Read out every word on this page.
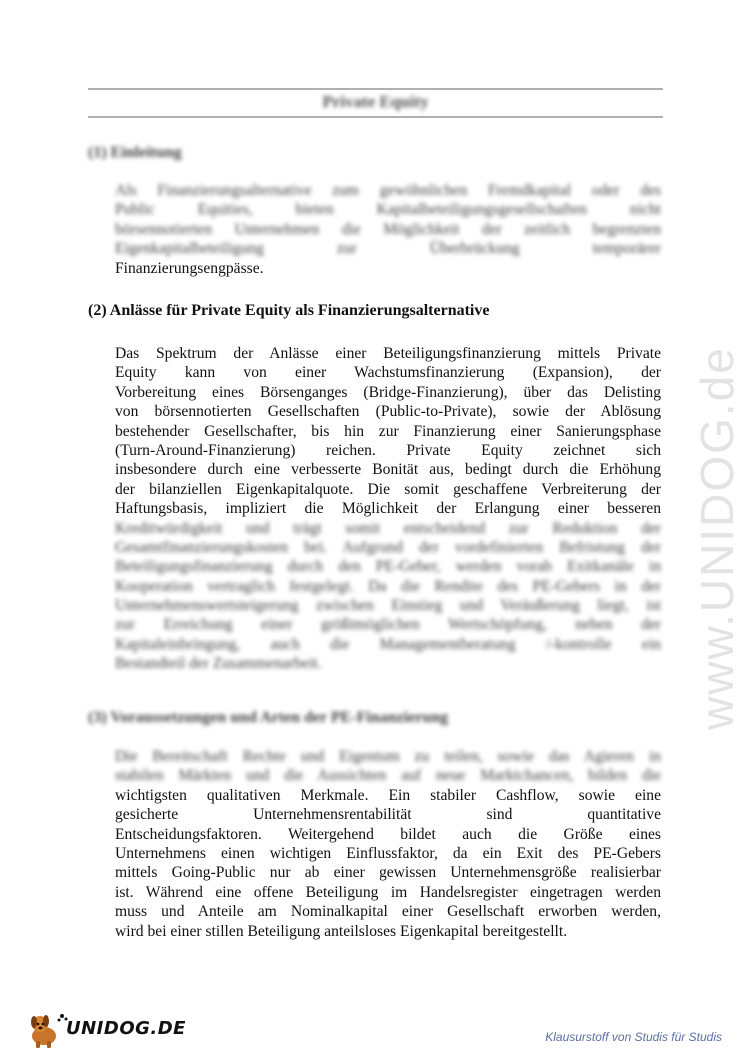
www.UNIDOG.de
Private Equity
(1) Einleitung
Als Finanzierungsalternative zum gewöhnlichen Fremdkapital oder des
Public Equities, bieten Kapitalbeteiligungsgesellschaften nicht
börsennotierten Unternehmen die Möglichkeit der zeitlich begrenzten
Eigenkapitalbeteiligung zur Überbrückung temporärer
Finanzierungsengpässe.
(2) Anlässe für Private Equity als Finanzierungsalternative
Das Spektrum der Anlässe einer Beteiligungsfinanzierung mittels Private
Equity kann von einer Wachstumsfinanzierung (Expansion), der
Vorbereitung eines Börsenganges (Bridge-Finanzierung), über das Delisting
von börsennotierten Gesellschaften (Public-to-Private), sowie der Ablösung
bestehender Gesellschafter, bis hin zur Finanzierung einer Sanierungsphase
(Turn-Around-Finanzierung) reichen. Private Equity zeichnet sich
insbesondere durch eine verbesserte Bonität aus, bedingt durch die Erhöhung
der bilanziellen Eigenkapitalquote. Die somit geschaffene Verbreiterung der
Haftungsbasis, impliziert die Möglichkeit der Erlangung einer besseren
Kreditwürdigkeit und trägt somit entscheidend zur Reduktion der
Gesamtfinanzierungskosten bei. Aufgrund der vordefinierten Befristung der
Beteiligungsfinanzierung durch den PE-Geber, werden vorab Exitkanäle in
Kooperation vertraglich festgelegt. Da die Rendite des PE-Gebers in der
Unternehmenswertsteigerung zwischen Einstieg und Veräußerung liegt, ist
zur Erreichung einer größtmöglichen Wertschöpfung, neben der
Kapitaleinbringung, auch die Managementberatung /-kontrolle ein
Bestandteil der Zusammenarbeit.
(3) Voraussetzungen und Arten der PE-Finanzierung
Die Bereitschaft Rechte und Eigentum zu teilen, sowie das Agieren in
stabilen Märkten und die Aussichten auf neue Marktchancen, bilden die
wichtigsten qualitativen Merkmale. Ein stabiler Cashflow, sowie eine
gesicherte Unternehmensrentabilität sind quantitative
Entscheidungsfaktoren. Weitergehend bildet auch die Größe eines
Unternehmens einen wichtigen Einflussfaktor, da ein Exit des PE-Gebers
mittels Going-Public nur ab einer gewissen Unternehmensgröße realisierbar
ist. Während eine offene Beteiligung im Handelsregister eingetragen werden
muss und Anteile am Nominalkapital einer Gesellschaft erworben werden,
wird bei einer stillen Beteiligung anteilsloses Eigenkapital bereitgestellt.
UNIDOG.DE	Klausurstoff von Studis für Studis
